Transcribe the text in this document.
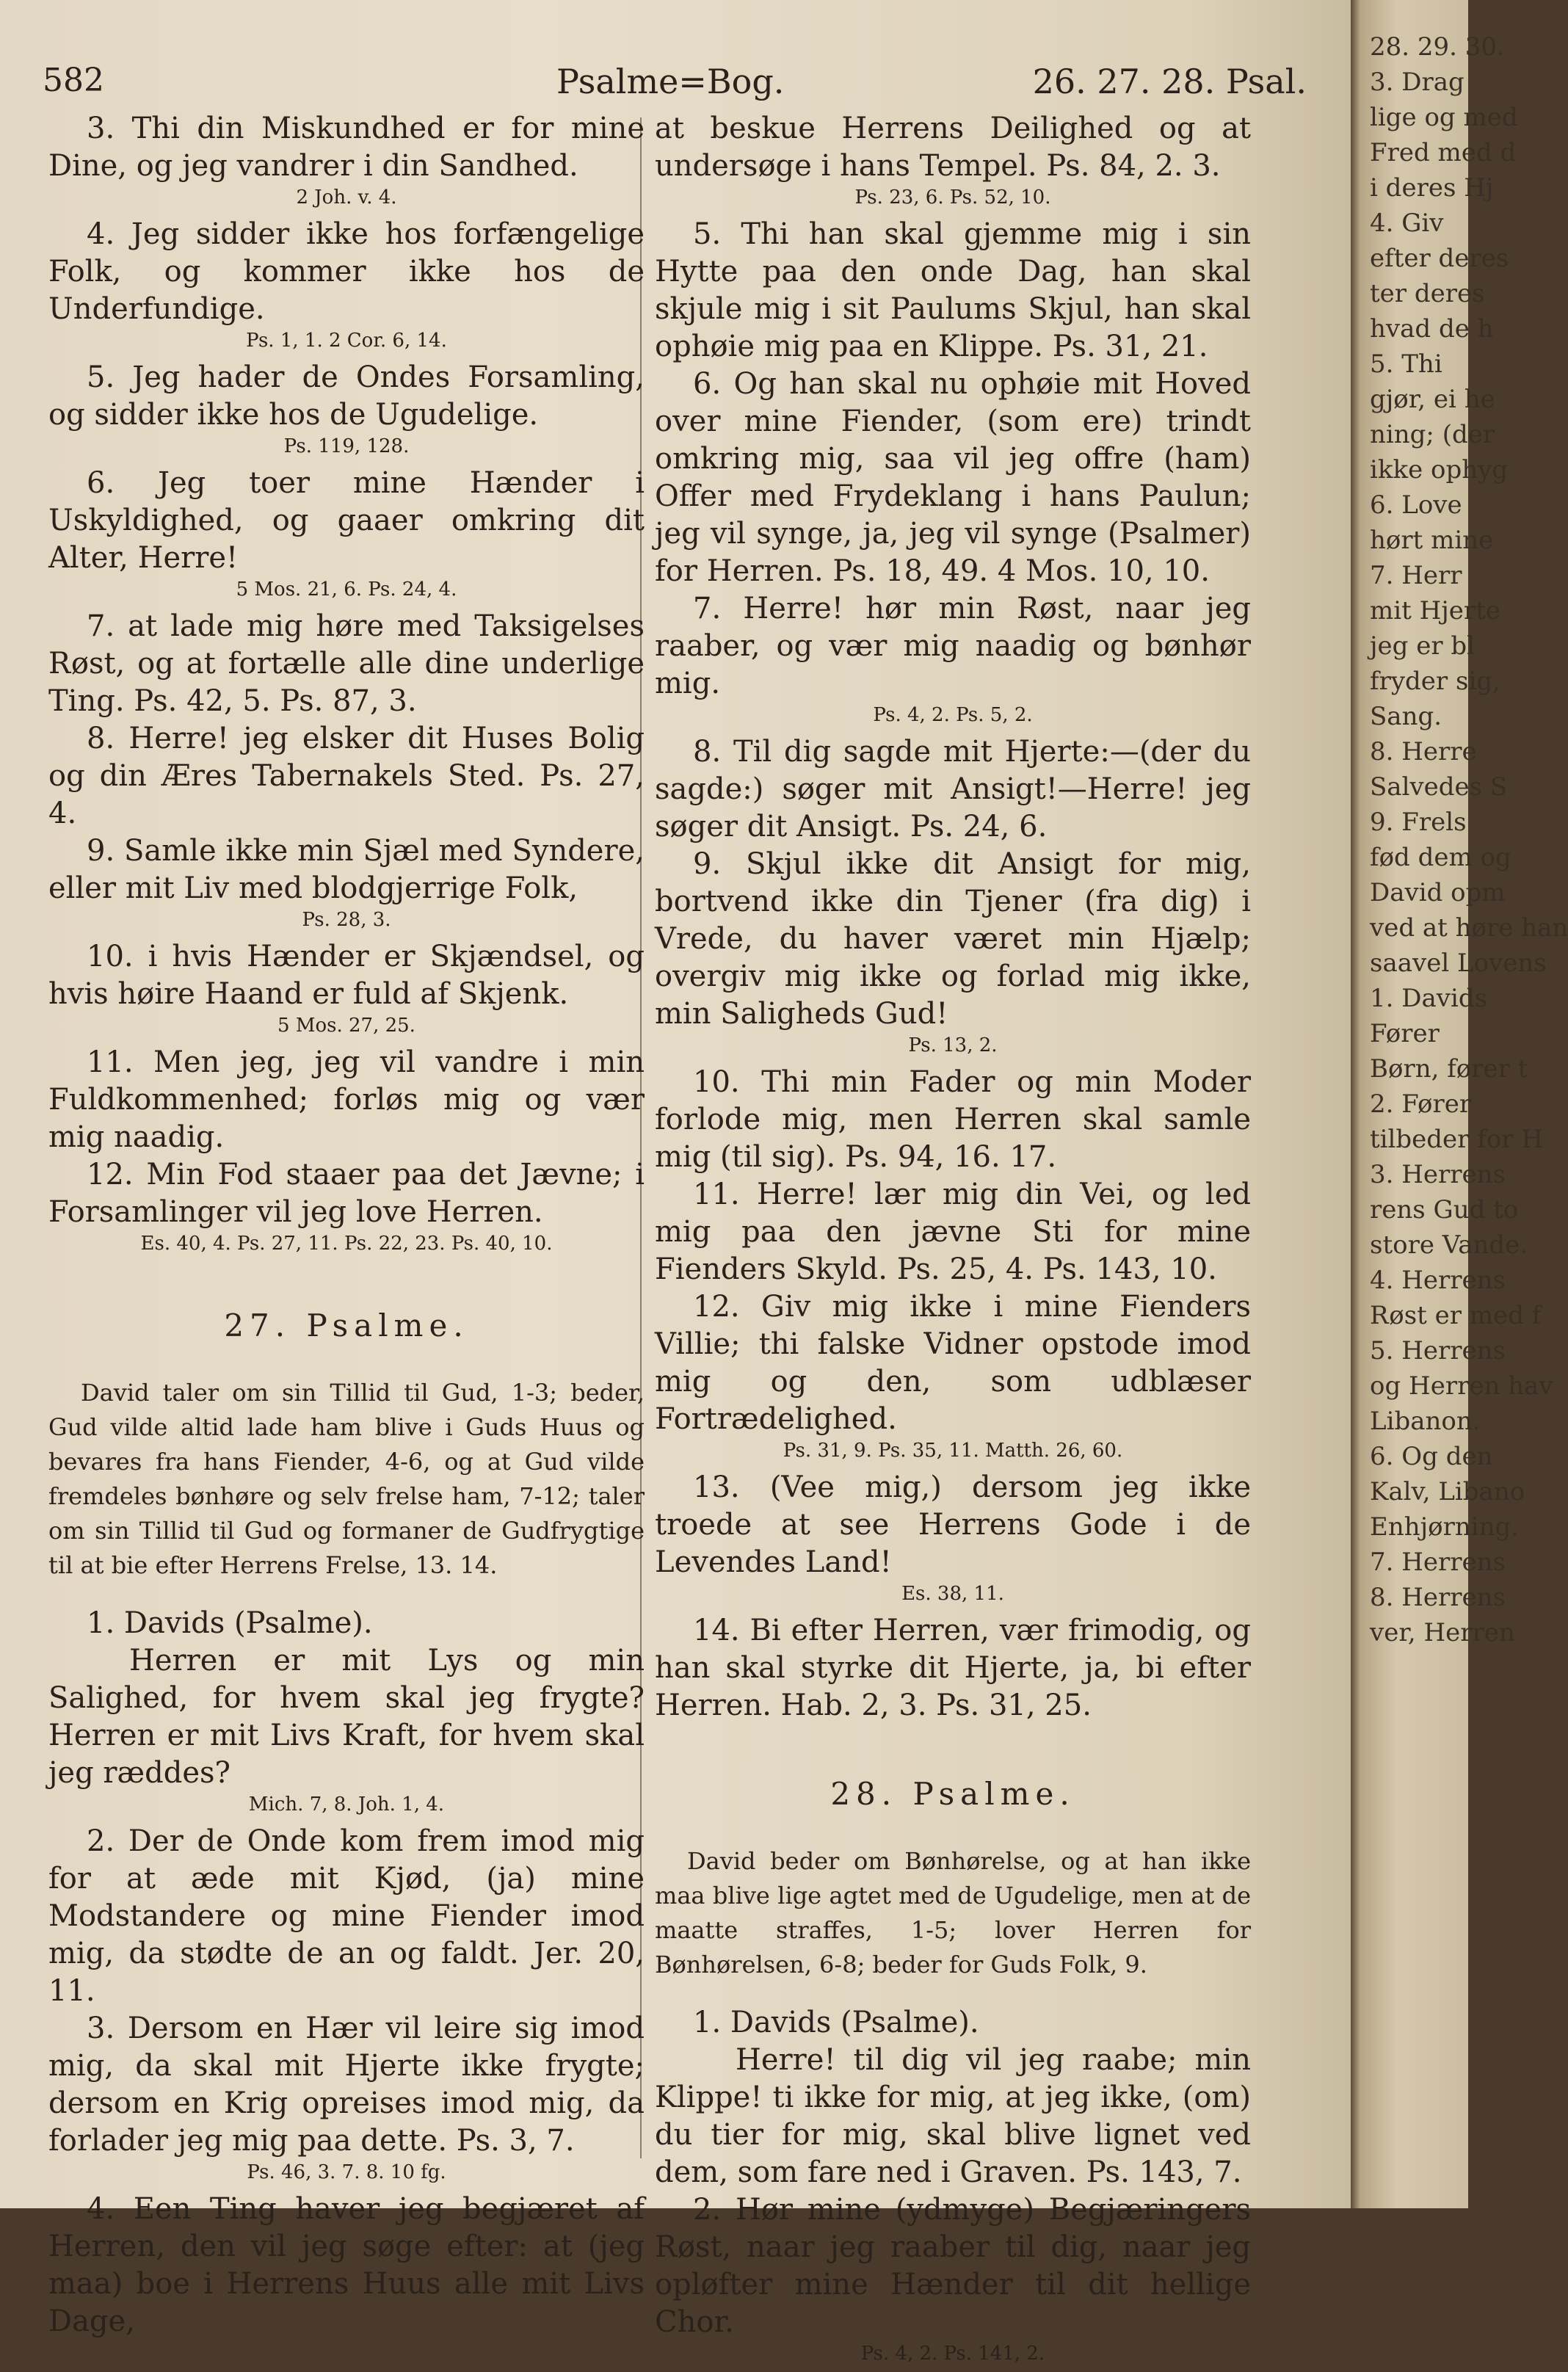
582	Psalme=Bog.	26. 27. 28. Psal.

3. Thi din Miskundhed er for mine Dine, og jeg vandrer i din Sandhed.

2 Joh. v. 4.

4. Jeg sidder ikke hos forfængelige Folk, og kommer ikke hos de Underfundige.

Ps. 1, 1. 2 Cor. 6, 14.

5. Jeg hader de Ondes Forsamling, og sidder ikke hos de Ugudelige.

Ps. 119, 128.

6. Jeg toer mine Hænder i Uskyldighed, og gaaer omkring dit Alter, Herre!

5 Mos. 21, 6. Ps. 24, 4.

7. at lade mig høre med Taksigelses Røst, og at fortælle alle dine underlige Ting. Ps. 42, 5. Ps. 87, 3.

8. Herre! jeg elsker dit Huses Bolig og din Æres Tabernakels Sted. Ps. 27, 4.

9. Samle ikke min Sjæl med Syndere, eller mit Liv med blodgjerrige Folk,

Ps. 28, 3.

10. i hvis Hænder er Skjændsel, og hvis høire Haand er fuld af Skjenk.

5 Mos. 27, 25.

11. Men jeg, jeg vil vandre i min Fuldkommenhed; forløs mig og vær mig naadig.

12. Min Fod staaer paa det Jævne; i Forsamlinger vil jeg love Herren.

Es. 40, 4. Ps. 27, 11. Ps. 22, 23. Ps. 40, 10.

27. Psalme.

David taler om sin Tillid til Gud, 1-3; beder, Gud vilde altid lade ham blive i Guds Huus og bevares fra hans Fiender, 4-6, og at Gud vilde fremdeles bønhøre og selv frelse ham, 7-12; taler om sin Tillid til Gud og formaner de Gudfrygtige til at bie efter Herrens Frelse, 13. 14.

1. Davids (Psalme).

Herren er mit Lys og min Salighed, for hvem skal jeg frygte? Herren er mit Livs Kraft, for hvem skal jeg ræddes?

Mich. 7, 8. Joh. 1, 4.

2. Der de Onde kom frem imod mig for at æde mit Kjød, (ja) mine Modstandere og mine Fiender imod mig, da stødte de an og faldt. Jer. 20, 11.

3. Dersom en Hær vil leire sig imod mig, da skal mit Hjerte ikke frygte; dersom en Krig opreises imod mig, da forlader jeg mig paa dette. Ps. 3, 7.

Ps. 46, 3. 7. 8. 10 fg.

4. Een Ting haver jeg begjæret af Herren, den vil jeg søge efter: at (jeg maa) boe i Herrens Huus alle mit Livs Dage,

at beskue Herrens Deilighed og at undersøge i hans Tempel. Ps. 84, 2. 3.

Ps. 23, 6. Ps. 52, 10.

5. Thi han skal gjemme mig i sin Hytte paa den onde Dag, han skal skjule mig i sit Paulums Skjul, han skal ophøie mig paa en Klippe. Ps. 31, 21.

6. Og han skal nu ophøie mit Hoved over mine Fiender, (som ere) trindt omkring mig, saa vil jeg offre (ham) Offer med Frydeklang i hans Paulun; jeg vil synge, ja, jeg vil synge (Psalmer) for Herren. Ps. 18, 49. 4 Mos. 10, 10.

7. Herre! hør min Røst, naar jeg raaber, og vær mig naadig og bønhør mig.

Ps. 4, 2. Ps. 5, 2.

8. Til dig sagde mit Hjerte:—(der du sagde:) søger mit Ansigt!—Herre! jeg søger dit Ansigt. Ps. 24, 6.

9. Skjul ikke dit Ansigt for mig, bortvend ikke din Tjener (fra dig) i Vrede, du haver været min Hjælp; overgiv mig ikke og forlad mig ikke, min Saligheds Gud!

Ps. 13, 2.

10. Thi min Fader og min Moder forlode mig, men Herren skal samle mig (til sig). Ps. 94, 16. 17.

11. Herre! lær mig din Vei, og led mig paa den jævne Sti for mine Fienders Skyld. Ps. 25, 4. Ps. 143, 10.

12. Giv mig ikke i mine Fienders Villie; thi falske Vidner opstode imod mig og den, som udblæser Fortrædelighed.

Ps. 31, 9. Ps. 35, 11. Matth. 26, 60.

13. (Vee mig,) dersom jeg ikke troede at see Herrens Gode i de Levendes Land!

Es. 38, 11.

14. Bi efter Herren, vær frimodig, og han skal styrke dit Hjerte, ja, bi efter Herren. Hab. 2, 3. Ps. 31, 25.

28. Psalme.

David beder om Bønhørelse, og at han ikke maa blive lige agtet med de Ugudelige, men at de maatte straffes, 1-5; lover Herren for Bønhørelsen, 6-8; beder for Guds Folk, 9.

1. Davids (Psalme).

Herre! til dig vil jeg raabe; min Klippe! ti ikke for mig, at jeg ikke, (om) du tier for mig, skal blive lignet ved dem, som fare ned i Graven. Ps. 143, 7.

2. Hør mine (ydmyge) Begjæringers Røst, naar jeg raaber til dig, naar jeg opløfter mine Hænder til dit hellige Chor.

Ps. 4, 2. Ps. 141, 2.

28. 29. 30.

3. Drag

lige og med

Fred med d

i deres Hj

4. Giv

efter deres

ter deres

hvad de h

5. Thi

gjør, ei he

ning; (der

ikke ophyg

6. Love

hørt mine

7. Herr

mit Hjerte

jeg er bl

fryder sig,

Sang.

8. Herre

Salvedes S

9. Frels

fød dem og

David opm

ved at høre han

saavel Lovens

1. Davids

Fører

Børn, fører t

2. Fører

tilbeder for H

3. Herrens

rens Gud to

store Vande.

4. Herrens

Røst er med f

5. Herrens

og Herren hav

Libanon.

6. Og den

Kalv, Libano

Enhjørning.

7. Herrens

8. Herrens

ver, Herren
